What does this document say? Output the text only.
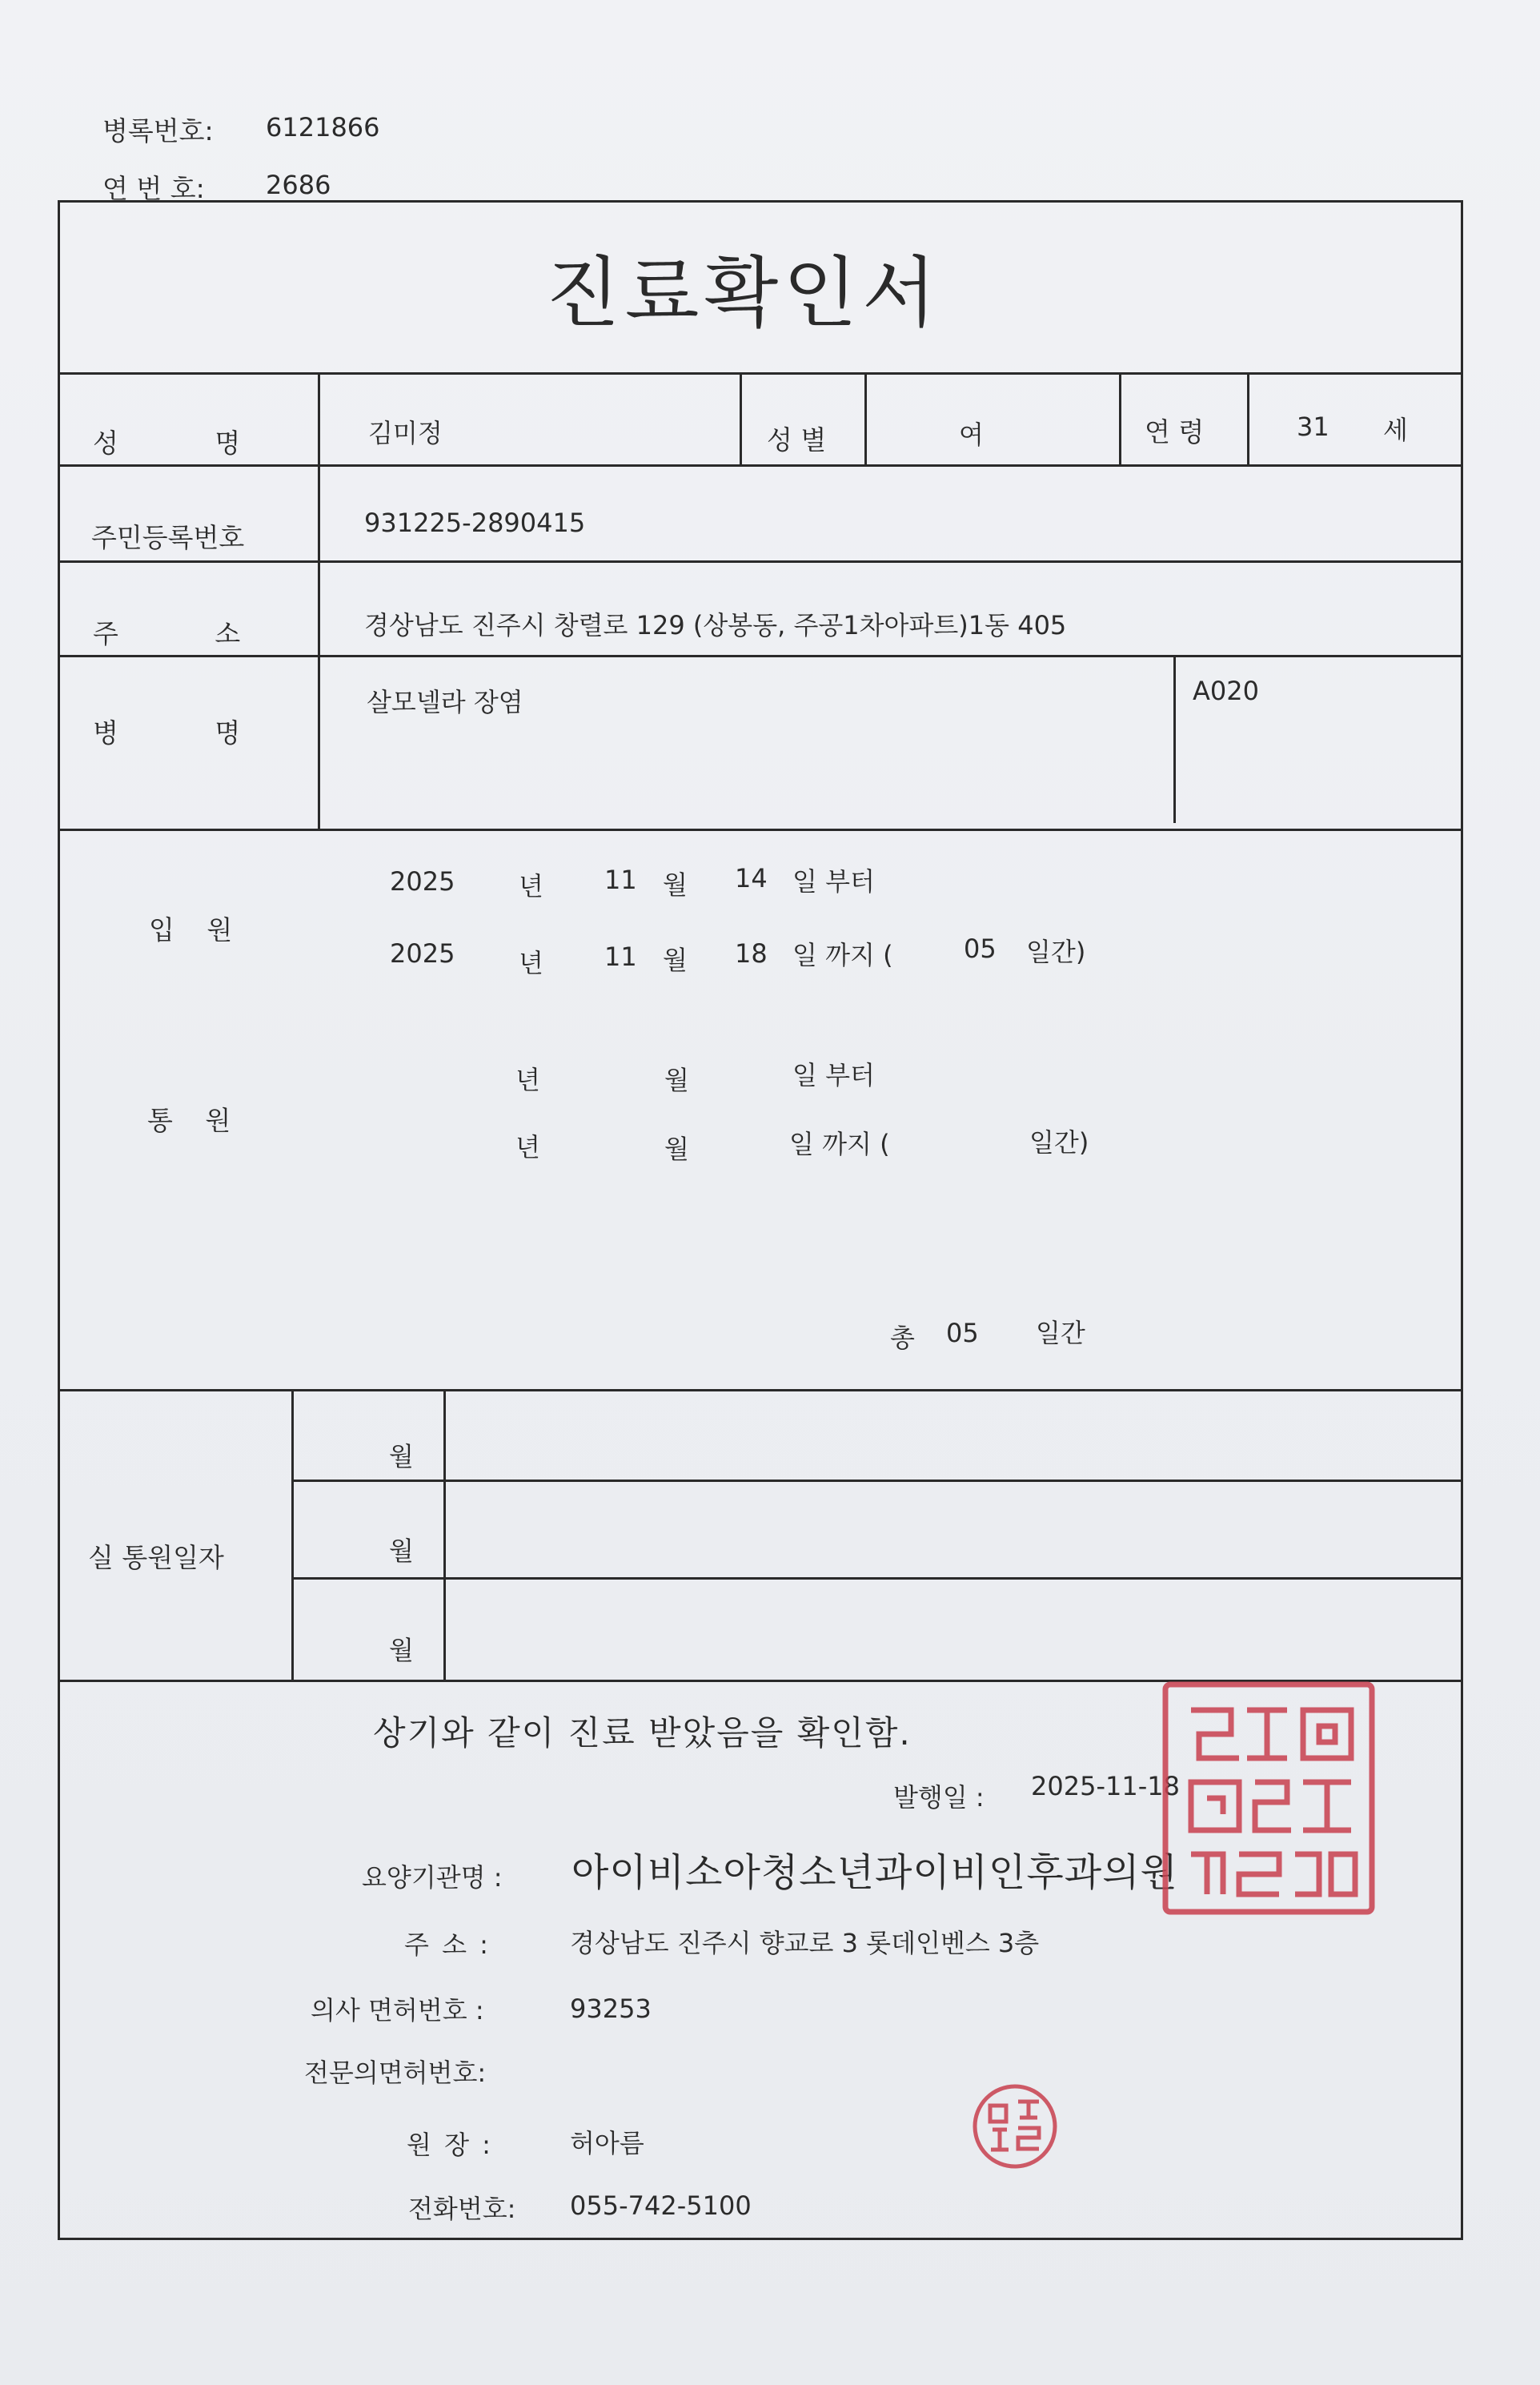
병록번호: 6121866
연 번 호: 2686
진료확인서
성 명	김미정	성 별	여	연 령	31 세
주민등록번호	931225-2890415
주 소	경상남도 진주시 창렬로 129 (상봉동, 주공1차아파트)1동 405
병 명
살모넬라 장염	A020
입 원
2025 년 11 월 14 일 부터
2025 년 11 월 18 일 까지 (	05 일간)
통 원
년	월	일 부터
년	월	일 까지 (	일간)
총 05 일간
실 통원일자
월
월
월
상기와 같이 진료 받았음을 확인함.
발행일 : 2025-11-18
요양기관명 : 아이비소아청소년과이비인후과의원
주 소 :	경상남도 진주시 향교로 3 롯데인벤스 3층
의사 면허번호 :	93253
전문의면허번호:
원 장 :	허아름
전화번호: 055-742-5100
